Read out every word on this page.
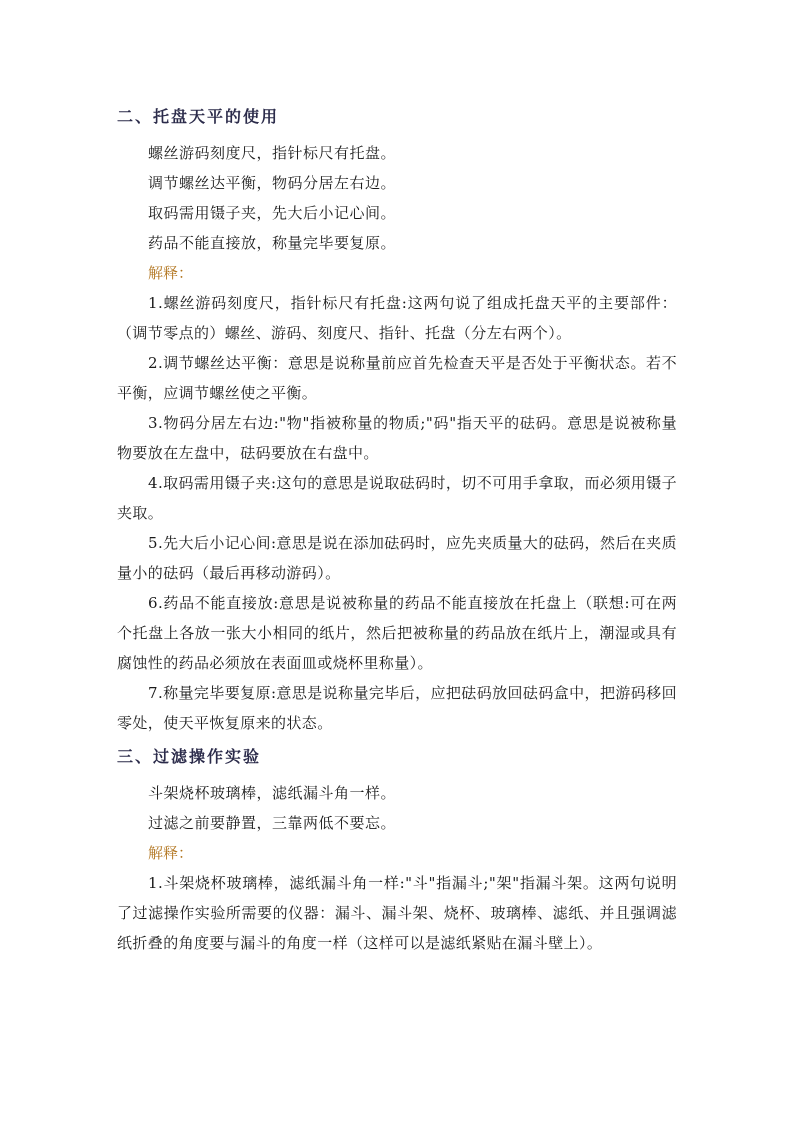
二、托盘天平的使用

螺丝游码刻度尺，指针标尺有托盘。

调节螺丝达平衡，物码分居左右边。

取码需用镊子夹，先大后小记心间。

药品不能直接放，称量完毕要复原。

解释：

1.螺丝游码刻度尺，指针标尺有托盘:这两句说了组成托盘天平的主要部件：（调节零点的）螺丝、游码、刻度尺、指针、托盘（分左右两个）。

2.调节螺丝达平衡：意思是说称量前应首先检查天平是否处于平衡状态。若不平衡，应调节螺丝使之平衡。

3.物码分居左右边:"物"指被称量的物质;"码"指天平的砝码。意思是说被称量物要放在左盘中，砝码要放在右盘中。

4.取码需用镊子夹:这句的意思是说取砝码时，切不可用手拿取，而必须用镊子夹取。

5.先大后小记心间:意思是说在添加砝码时，应先夹质量大的砝码，然后在夹质量小的砝码（最后再移动游码）。

6.药品不能直接放:意思是说被称量的药品不能直接放在托盘上（联想:可在两个托盘上各放一张大小相同的纸片，然后把被称量的药品放在纸片上，潮湿或具有腐蚀性的药品必须放在表面皿或烧杯里称量）。

7.称量完毕要复原:意思是说称量完毕后，应把砝码放回砝码盒中，把游码移回零处，使天平恢复原来的状态。

三、过滤操作实验

斗架烧杯玻璃棒，滤纸漏斗角一样。

过滤之前要静置，三靠两低不要忘。

解释：

1.斗架烧杯玻璃棒，滤纸漏斗角一样:"斗"指漏斗;"架"指漏斗架。这两句说明了过滤操作实验所需要的仪器：漏斗、漏斗架、烧杯、玻璃棒、滤纸、并且强调滤纸折叠的角度要与漏斗的角度一样（这样可以是滤纸紧贴在漏斗壁上）。
